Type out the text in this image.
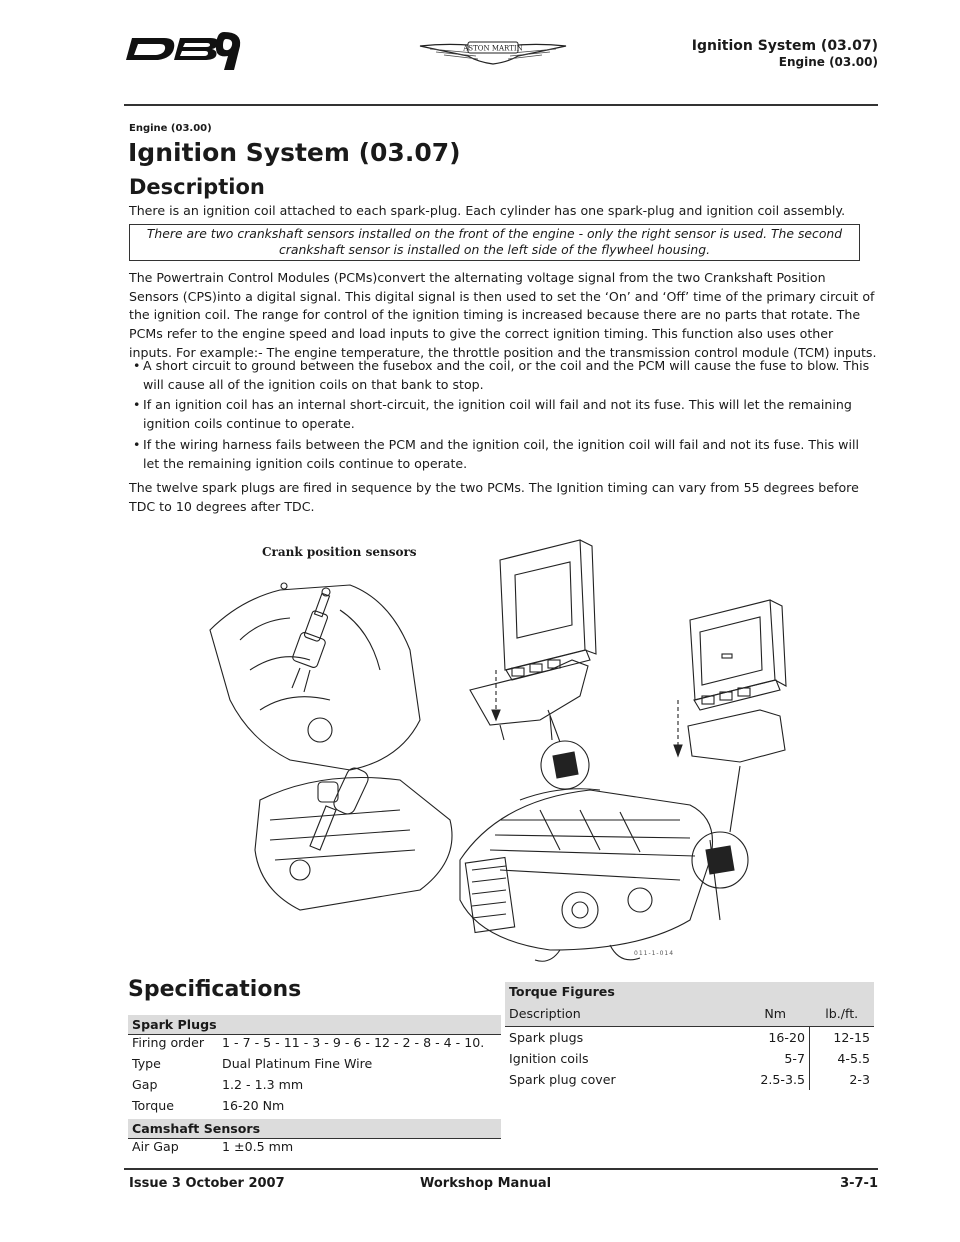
DB9
ASTON MARTIN	Ignition System (03.07)
Engine (03.00)
Engine (03.00)
Ignition System (03.07)
Description
There is an ignition coil attached to each spark-plug. Each cylinder has one spark-plug and ignition coil assembly.
There are two crankshaft sensors installed on the front of the engine - only the right sensor is used. The second crankshaft sensor is installed on the left side of the flywheel housing.
The Powertrain Control Modules (PCMs)convert the alternating voltage signal from the two Crankshaft Position Sensors (CPS)into a digital signal. This digital signal is then used to set the ‘On’ and ‘Off’ time of the primary circuit of the ignition coil. The range for control of the ignition timing is increased because there are no parts that rotate. The PCMs refer to the engine speed and load inputs to give the correct ignition timing. This function also uses other inputs. For example:- The engine temperature, the throttle position and the transmission control module (TCM) inputs.
• A short circuit to ground between the fusebox and the coil, or the coil and the PCM will cause the fuse to blow. This will cause all of the ignition coils on that bank to stop.
• If an ignition coil has an internal short-circuit, the ignition coil will fail and not its fuse. This will let the remaining ignition coils continue to operate.
• If the wiring harness fails between the PCM and the ignition coil, the ignition coil will fail and not its fuse. This will let the remaining ignition coils continue to operate.
The twelve spark plugs are fired in sequence by the two PCMs. The Ignition timing can vary from 55 degrees before TDC to 10 degrees after TDC.
Crank position sensors
011-1-014
Specifications
Spark Plugs	
Firing order	1 - 7 - 5 - 11 - 3 - 9 - 6 - 12 - 2 - 8 - 4 - 10.
Type	Dual Platinum Fine Wire
Gap	1.2 - 1.3 mm
Torque	16-20 Nm
Camshaft Sensors	
Air Gap	1 ±0.5 mm
Torque Figures		
Description	Nm	lb./ft.
Spark plugs	16-20	12-15
Ignition coils	5-7	4-5.5
Spark plug cover	2.5-3.5	2-3
Issue 3 October 2007	Workshop Manual	3-7-1
